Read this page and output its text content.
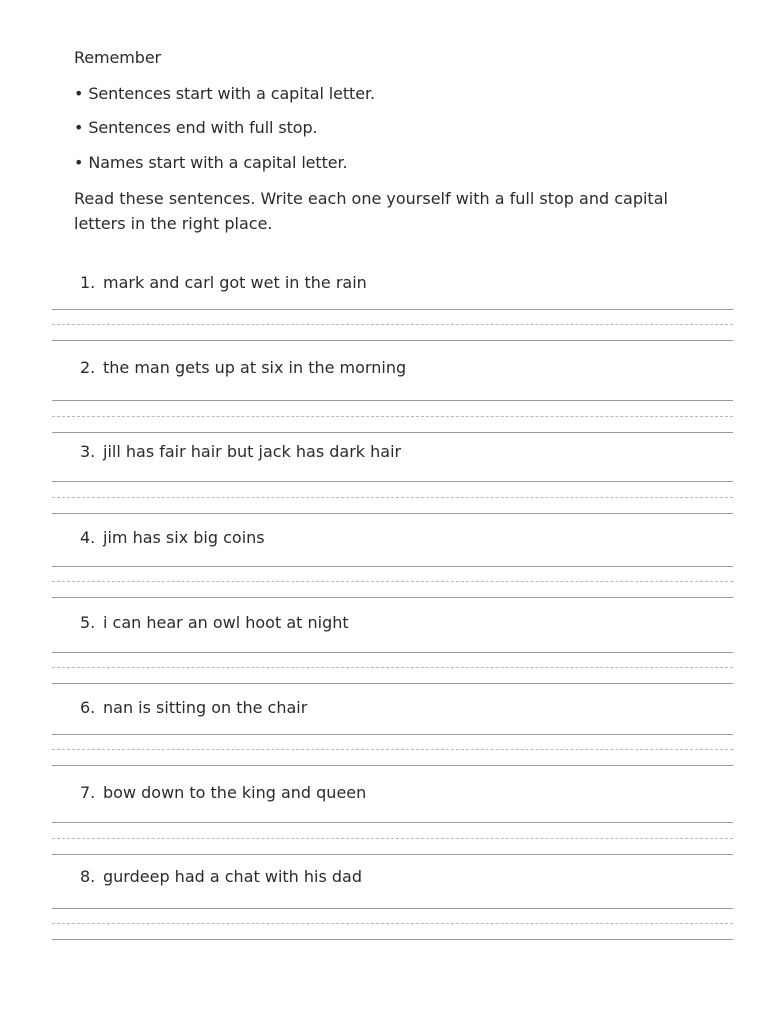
Remember
• Sentences start with a capital letter.
• Sentences end with full stop.
• Names start with a capital letter.
Read these sentences. Write each one yourself with a full stop and capital letters in the right place.
1. mark and carl got wet in the rain
2. the man gets up at six in the morning
3. jill has fair hair but jack has dark hair
4. jim has six big coins
5. i can hear an owl hoot at night
6. nan is sitting on the chair
7. bow down to the king and queen
8. gurdeep had a chat with his dad
